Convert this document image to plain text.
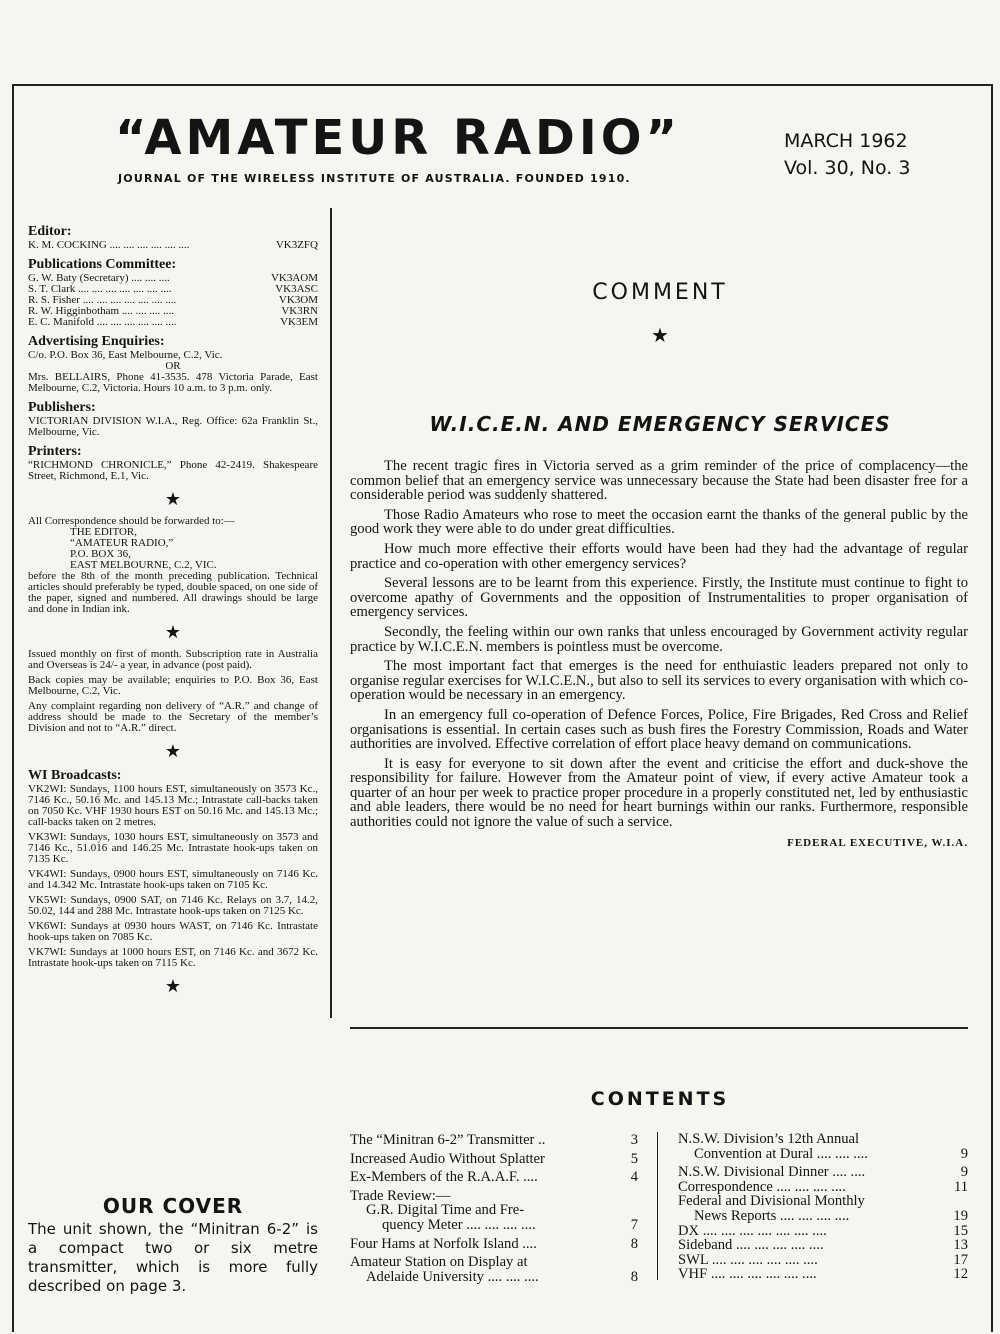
“AMATEUR RADIO”
JOURNAL OF THE WIRELESS INSTITUTE OF AUSTRALIA. FOUNDED 1910.
MARCH 1962
Vol. 30, No. 3
Editor:
K. M. COCKING .... .... .... .... .... ....	VK3ZFQ
Publications Committee:
G. W. Baty (Secretary) .... .... ....	VK3AOM
S. T. Clark .... .... .... .... .... .... ....	VK3ASC
R. S. Fisher .... .... .... .... .... .... ....	VK3OM
R. W. Higginbotham .... .... .... ....	VK3RN
E. C. Manifold .... .... .... .... .... ....	VK3EM
Advertising Enquiries:

C/o. P.O. Box 36, East Melbourne, C.2, Vic.

OR

Mrs. BELLAIRS, Phone 41-3535. 478 Victoria Parade, East Melbourne, C.2, Victoria. Hours 10 a.m. to 3 p.m. only.

Publishers:

VICTORIAN DIVISION W.I.A., Reg. Office: 62a Franklin St., Melbourne, Vic.

Printers:

“RICHMOND CHRONICLE,” Phone 42-2419. Shakespeare Street, Richmond, E.1, Vic.

★

All Correspondence should be forwarded to:—

THE EDITOR,
“AMATEUR RADIO,”
P.O. BOX 36,
EAST MELBOURNE, C.2, VIC.

before the 8th of the month preceding publication. Technical articles should preferably be typed, double spaced, on one side of the paper, signed and numbered. All drawings should be large and done in Indian ink.

★

Issued monthly on first of month. Subscription rate in Australia and Overseas is 24/- a year, in advance (post paid).

Back copies may be available; enquiries to P.O. Box 36, East Melbourne, C.2, Vic.

Any complaint regarding non delivery of “A.R.” and change of address should be made to the Secretary of the member’s Division and not to “A.R.” direct.

★
WI Broadcasts:

VK2WI: Sundays, 1100 hours EST, simultaneously on 3573 Kc., 7146 Kc., 50.16 Mc. and 145.13 Mc.; Intrastate call-backs taken on 7050 Kc. VHF 1930 hours EST on 50.16 Mc. and 145.13 Mc.; call-backs taken on 2 metres.

VK3WI: Sundays, 1030 hours EST, simultaneously on 3573 and 7146 Kc., 51.016 and 146.25 Mc. Intrastate hook-ups taken on 7135 Kc.

VK4WI: Sundays, 0900 hours EST, simultaneously on 7146 Kc. and 14.342 Mc. Intrastate hook-ups taken on 7105 Kc.

VK5WI: Sundays, 0900 SAT, on 7146 Kc. Relays on 3.7, 14.2, 50.02, 144 and 288 Mc. Intrastate hook-ups taken on 7125 Kc.

VK6WI: Sundays at 0930 hours WAST, on 7146 Kc. Intrastate hook-ups taken on 7085 Kc.

VK7WI: Sundays at 1000 hours EST, on 7146 Kc. and 3672 Kc. Intrastate hook-ups taken on 7115 Kc.

★
OUR COVER
The unit shown, the “Minitran 6-2” is a compact two or six metre transmitter, which is more fully described on page 3.
COMMENT
★
W.I.C.E.N. AND EMERGENCY SERVICES

The recent tragic fires in Victoria served as a grim reminder of the price of complacency—the common belief that an emergency service was unnecessary because the State had been disaster free for a considerable period was suddenly shattered.

Those Radio Amateurs who rose to meet the occasion earnt the thanks of the general public by the good work they were able to do under great difficulties.

How much more effective their efforts would have been had they had the advantage of regular practice and co-operation with other emergency services?

Several lessons are to be learnt from this experience. Firstly, the Institute must continue to fight to overcome apathy of Governments and the opposition of Instrumentalities to proper organisation of emergency services.

Secondly, the feeling within our own ranks that unless encouraged by Government activity regular practice by W.I.C.E.N. members is pointless must be overcome.

The most important fact that emerges is the need for enthuiastic leaders prepared not only to organise regular exercises for W.I.C.E.N., but also to sell its services to every organisation with which co-operation would be necessary in an emergency.

In an emergency full co-operation of Defence Forces, Police, Fire Brigades, Red Cross and Relief organisations is essential. In certain cases such as bush fires the Forestry Commission, Roads and Water authorities are involved. Effective correlation of effort place heavy demand on communications.

It is easy for everyone to sit down after the event and criticise the effort and duck-shove the responsibility for failure. However from the Amateur point of view, if every active Amateur took a quarter of an hour per week to practice proper procedure in a properly constituted net, led by enthusiastic and able leaders, there would be no need for heart burnings within our ranks. Furthermore, responsible authorities could not ignore the value of such a service.

FEDERAL EXECUTIVE, W.I.A.

CONTENTS
The “Minitran 6-2” Transmitter ..	3
Increased Audio Without Splatter	5
Ex-Members of the R.A.A.F. ....	4
Trade Review:—
G.R. Digital Time and Fre-
quency Meter .... .... .... ....	7
Four Hams at Norfolk Island ....	8
Amateur Station on Display at
Adelaide University .... .... ....	8
N.S.W. Division’s 12th Annual
Convention at Dural .... .... ....	9
N.S.W. Divisional Dinner .... ....	9
Correspondence .... .... .... ....	11
Federal and Divisional Monthly
News Reports .... .... .... ....	19
DX .... .... .... .... .... .... ....	15
Sideband .... .... .... .... ....	13
SWL .... .... .... .... .... ....	17
VHF .... .... .... .... .... ....	12
